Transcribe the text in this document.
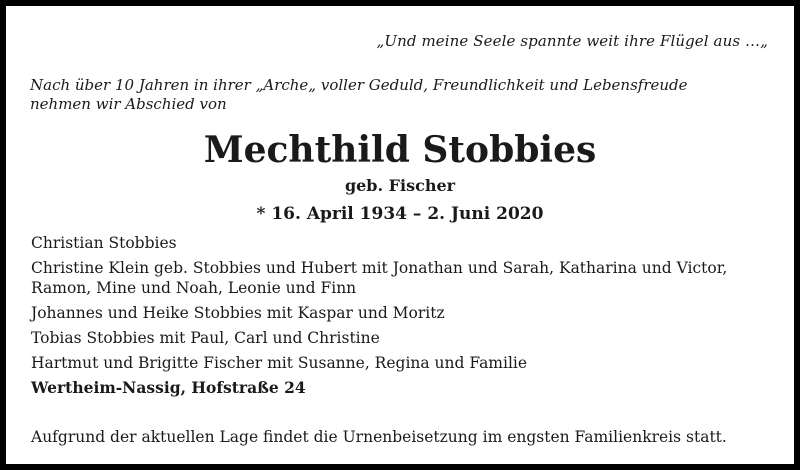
„Und meine Seele spannte weit ihre Flügel aus …„
Nach über 10 Jahren in ihrer „Arche„ voller Geduld, Freundlichkeit und Lebensfreude
nehmen wir Abschied von
Mechthild Stobbies
geb. Fischer
* 16. April 1934 – 2. Juni 2020
Christian Stobbies
Christine Klein geb. Stobbies und Hubert mit Jonathan und Sarah, Katharina und Victor,
Ramon, Mine und Noah, Leonie und Finn
Johannes und Heike Stobbies mit Kaspar und Moritz
Tobias Stobbies mit Paul, Carl und Christine
Hartmut und Brigitte Fischer mit Susanne, Regina und Familie
Wertheim-Nassig, Hofstraße 24
Aufgrund der aktuellen Lage findet die Urnenbeisetzung im engsten Familienkreis statt.
